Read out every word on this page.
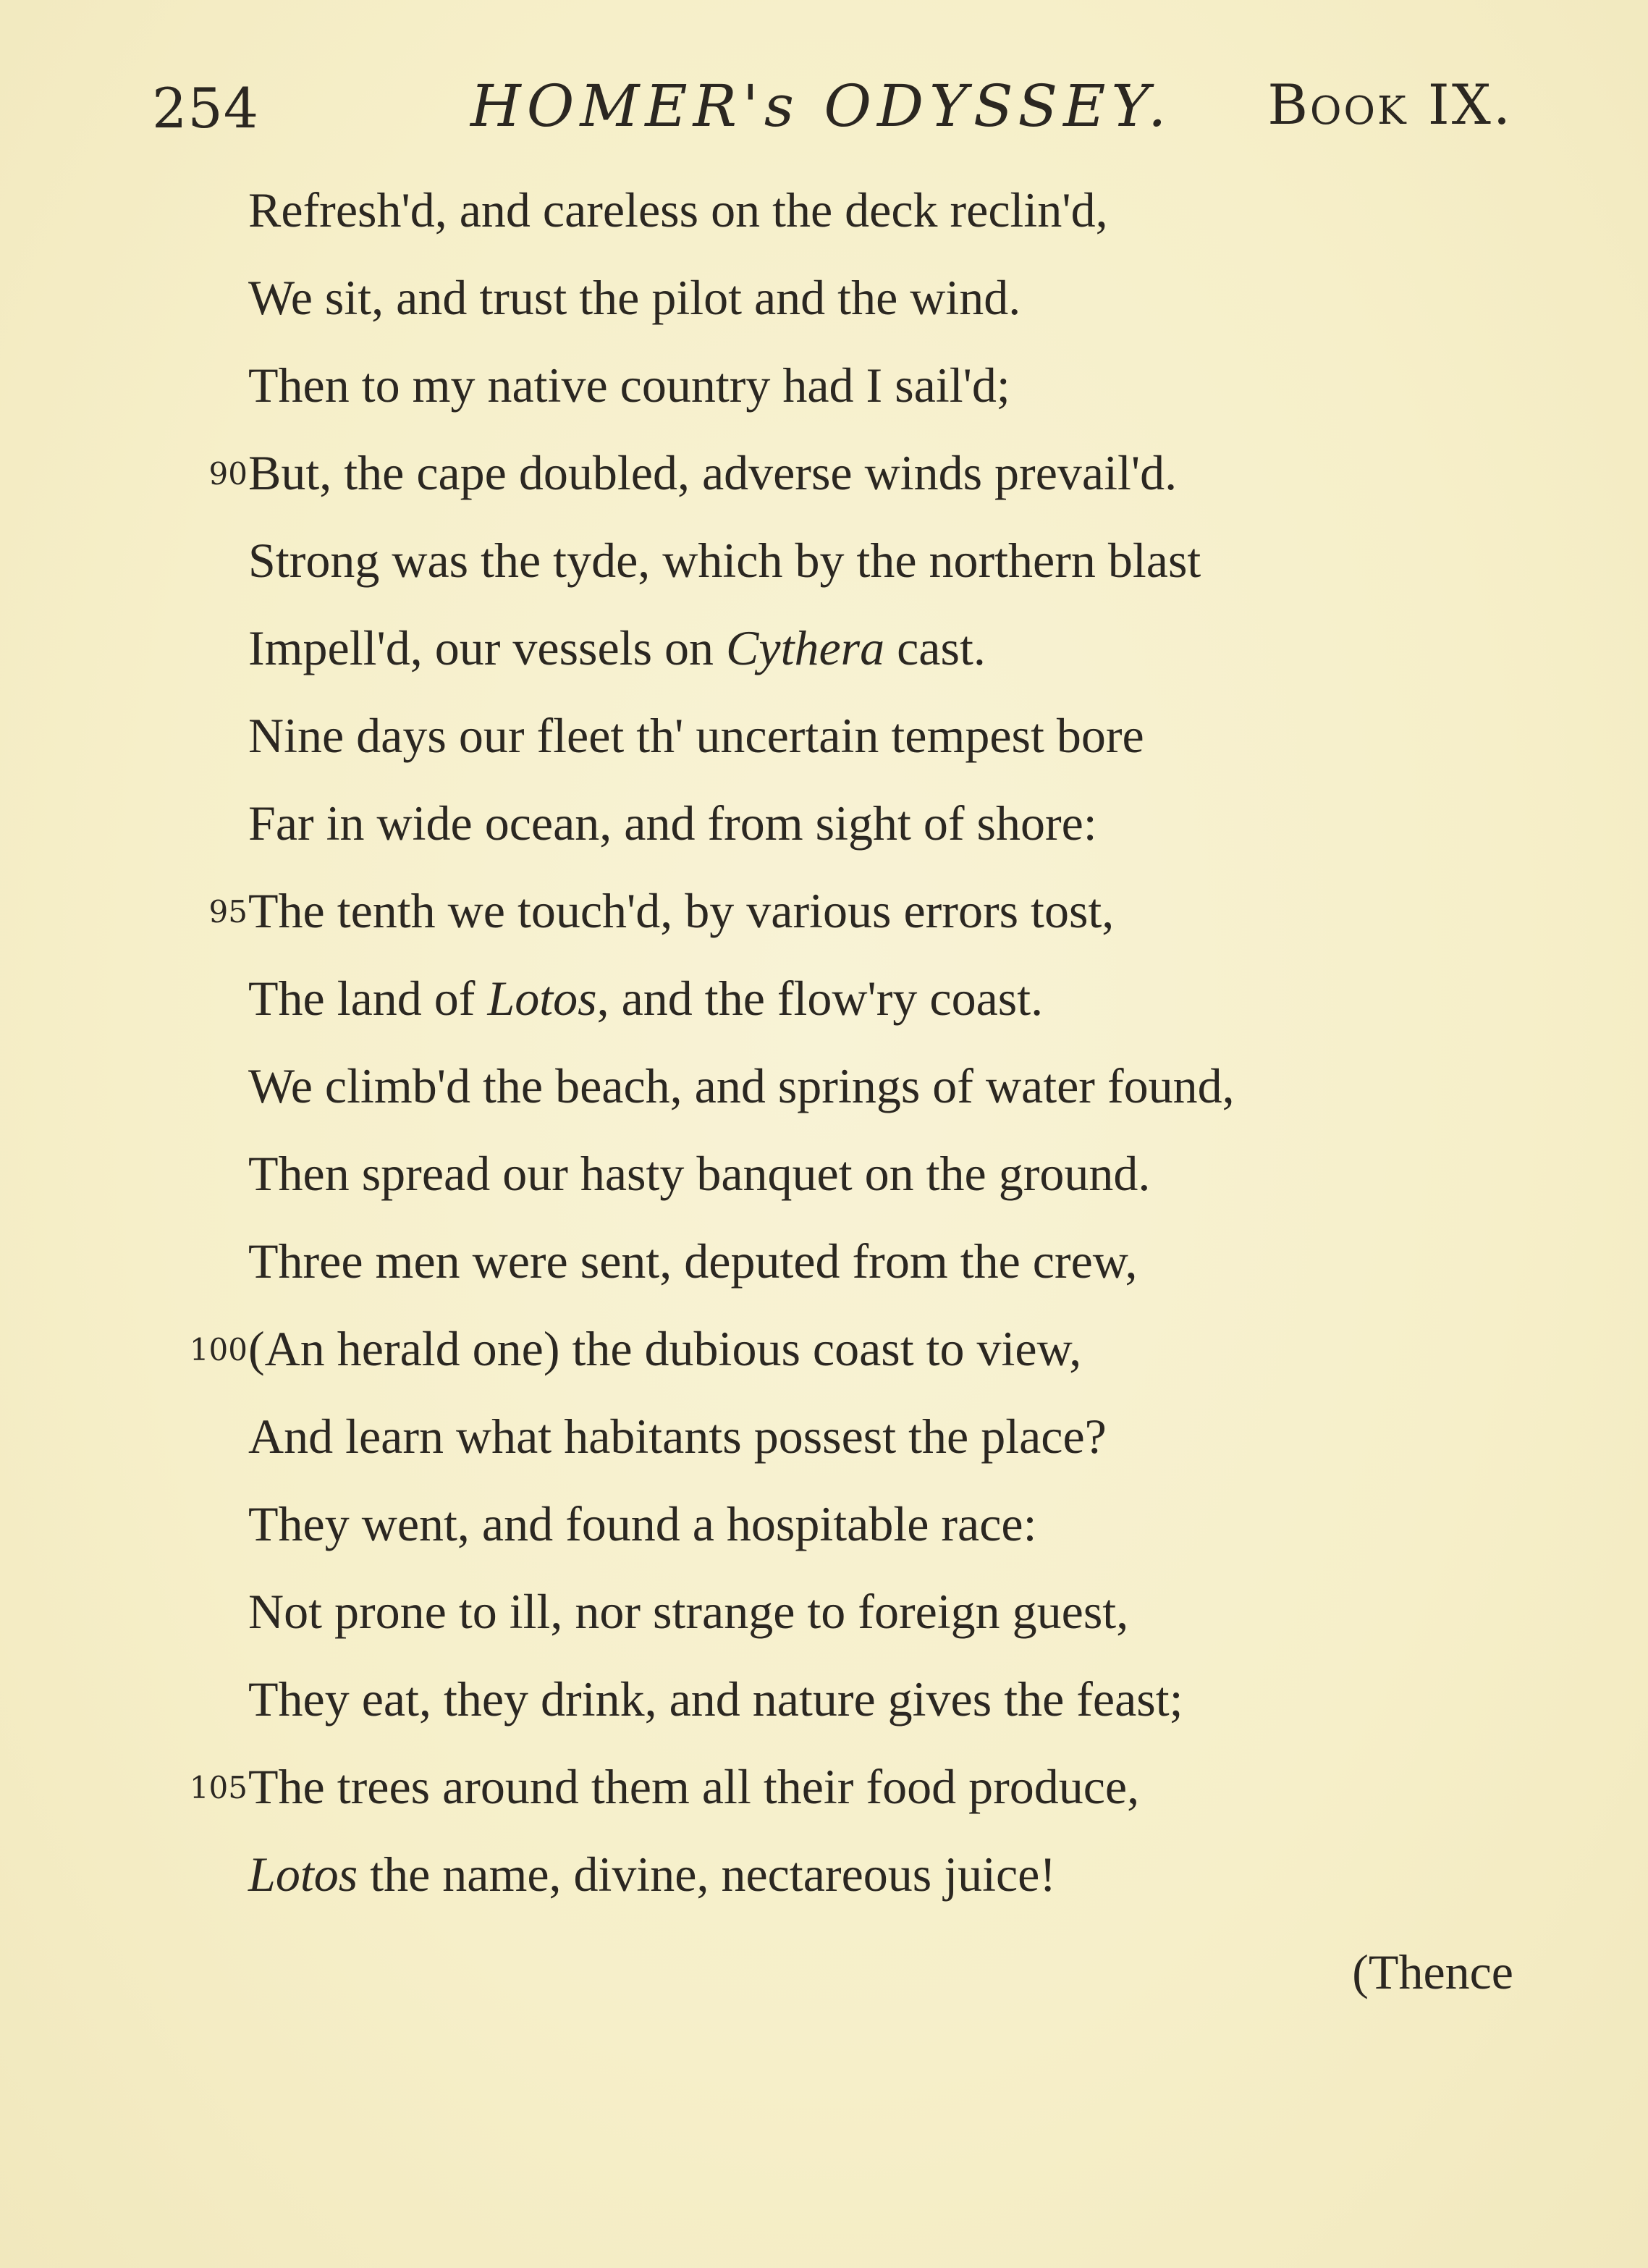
254	HOMER's ODYSSEY. Book IX.
Refresh'd, and careless on the deck reclin'd,
We sit, and trust the pilot and the wind.
Then to my native country had I sail'd;
90 But, the cape doubled, adverse winds prevail'd.
Strong was the tyde, which by the northern blast
Impell'd, our vessels on Cythera cast.
Nine days our fleet th' uncertain tempest bore
Far in wide ocean, and from sight of shore:
95 The tenth we touch'd, by various errors tost,
The land of Lotos, and the flow'ry coast.
We climb'd the beach, and springs of water found,
Then spread our hasty banquet on the ground.
Three men were sent, deputed from the crew,
100 (An herald one) the dubious coast to view,
And learn what habitants possest the place?
They went, and found a hospitable race:
Not prone to ill, nor strange to foreign guest,
They eat, they drink, and nature gives the feast;
105 The trees around them all their food produce,
Lotos the name, divine, nectareous juice!
(Thence
